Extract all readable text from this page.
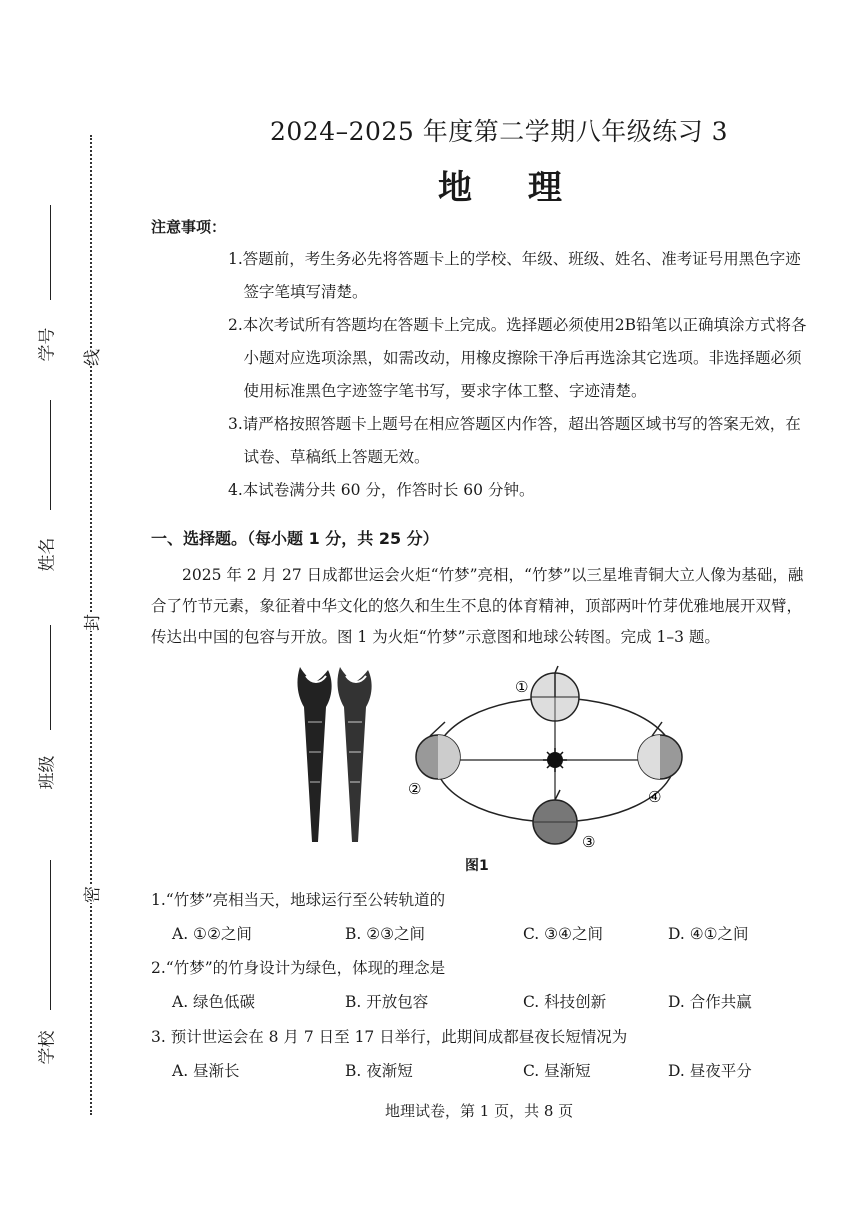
学号
姓名
班级
学校
线
封
密
2024–2025 年度第二学期八年级练习 3
地 理
注意事项：

1.答题前，考生务必先将答题卡上的学校、年级、班级、姓名、准考证号用黑色字迹签字笔填写清楚。

2.本次考试所有答题均在答题卡上完成。选择题必须使用2B铅笔以正确填涂方式将各小题对应选项涂黑，如需改动，用橡皮擦除干净后再选涂其它选项。非选择题必须使用标准黑色字迹签字笔书写，要求字体工整、字迹清楚。

3.请严格按照答题卡上题号在相应答题区内作答，超出答题区域书写的答案无效，在试卷、草稿纸上答题无效。

4.本试卷满分共 60 分，作答时长 60 分钟。

一、选择题。（每小题 1 分，共 25 分）
2025 年 2 月 27 日成都世运会火炬“竹梦”亮相，“竹梦”以三星堆青铜大立人像为基础，融合了竹节元素，象征着中华文化的悠久和生生不息的体育精神，顶部两叶竹芽优雅地展开双臂，传达出中国的包容与开放。图 1 为火炬“竹梦”示意图和地球公转图。完成 1–3 题。
①
②
③
④
图1
1.“竹梦”亮相当天，地球运行至公转轨道的
A. ①②之间	B. ②③之间	C. ③④之间	D. ④①之间
2.“竹梦”的竹身设计为绿色，体现的理念是
A. 绿色低碳	B. 开放包容	C. 科技创新	D. 合作共赢
3. 预计世运会在 8 月 7 日至 17 日举行，此期间成都昼夜长短情况为
A. 昼渐长	B. 夜渐短	C. 昼渐短	D. 昼夜平分
地理试卷，第 1 页，共 8 页
